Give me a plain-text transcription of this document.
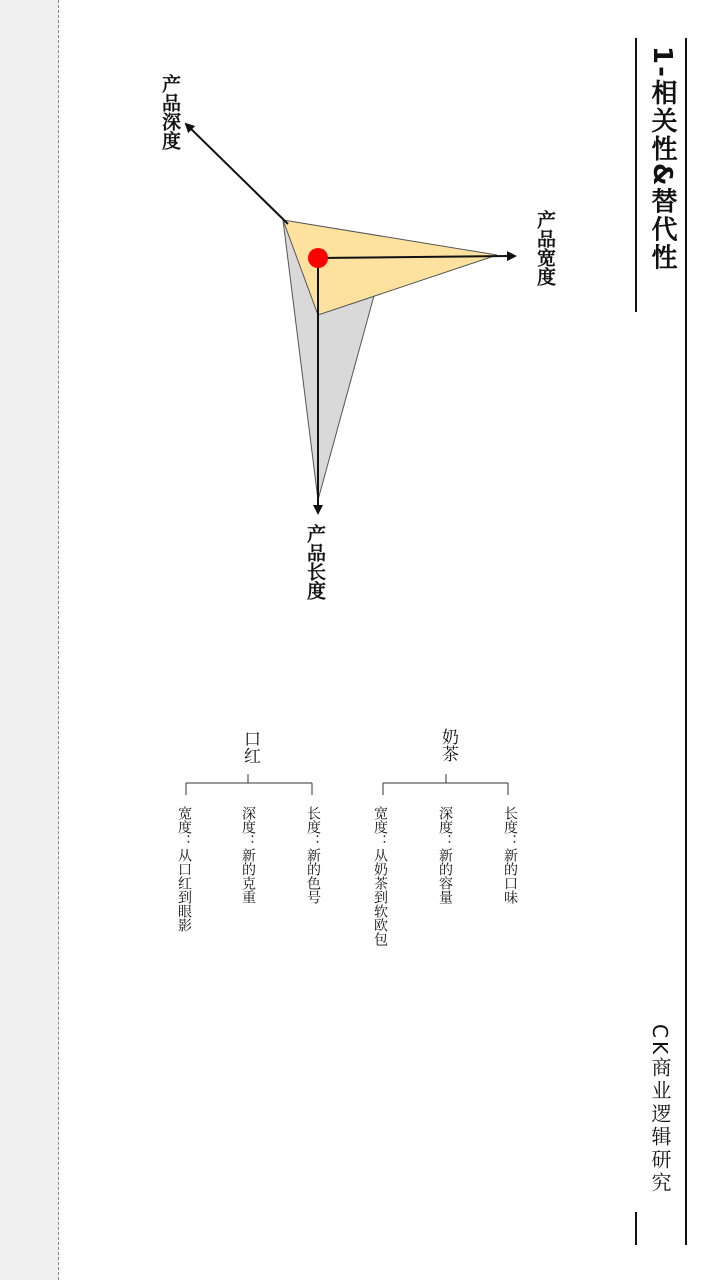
1-相关性&替代性
CK商业逻辑研究
产品宽度
产品长度
产品深度
奶茶
长度：新的口味
深度：新的容量
宽度：从奶茶到软欧包
口红
长度：新的色号
深度：新的克重
宽度：从口红到眼影
